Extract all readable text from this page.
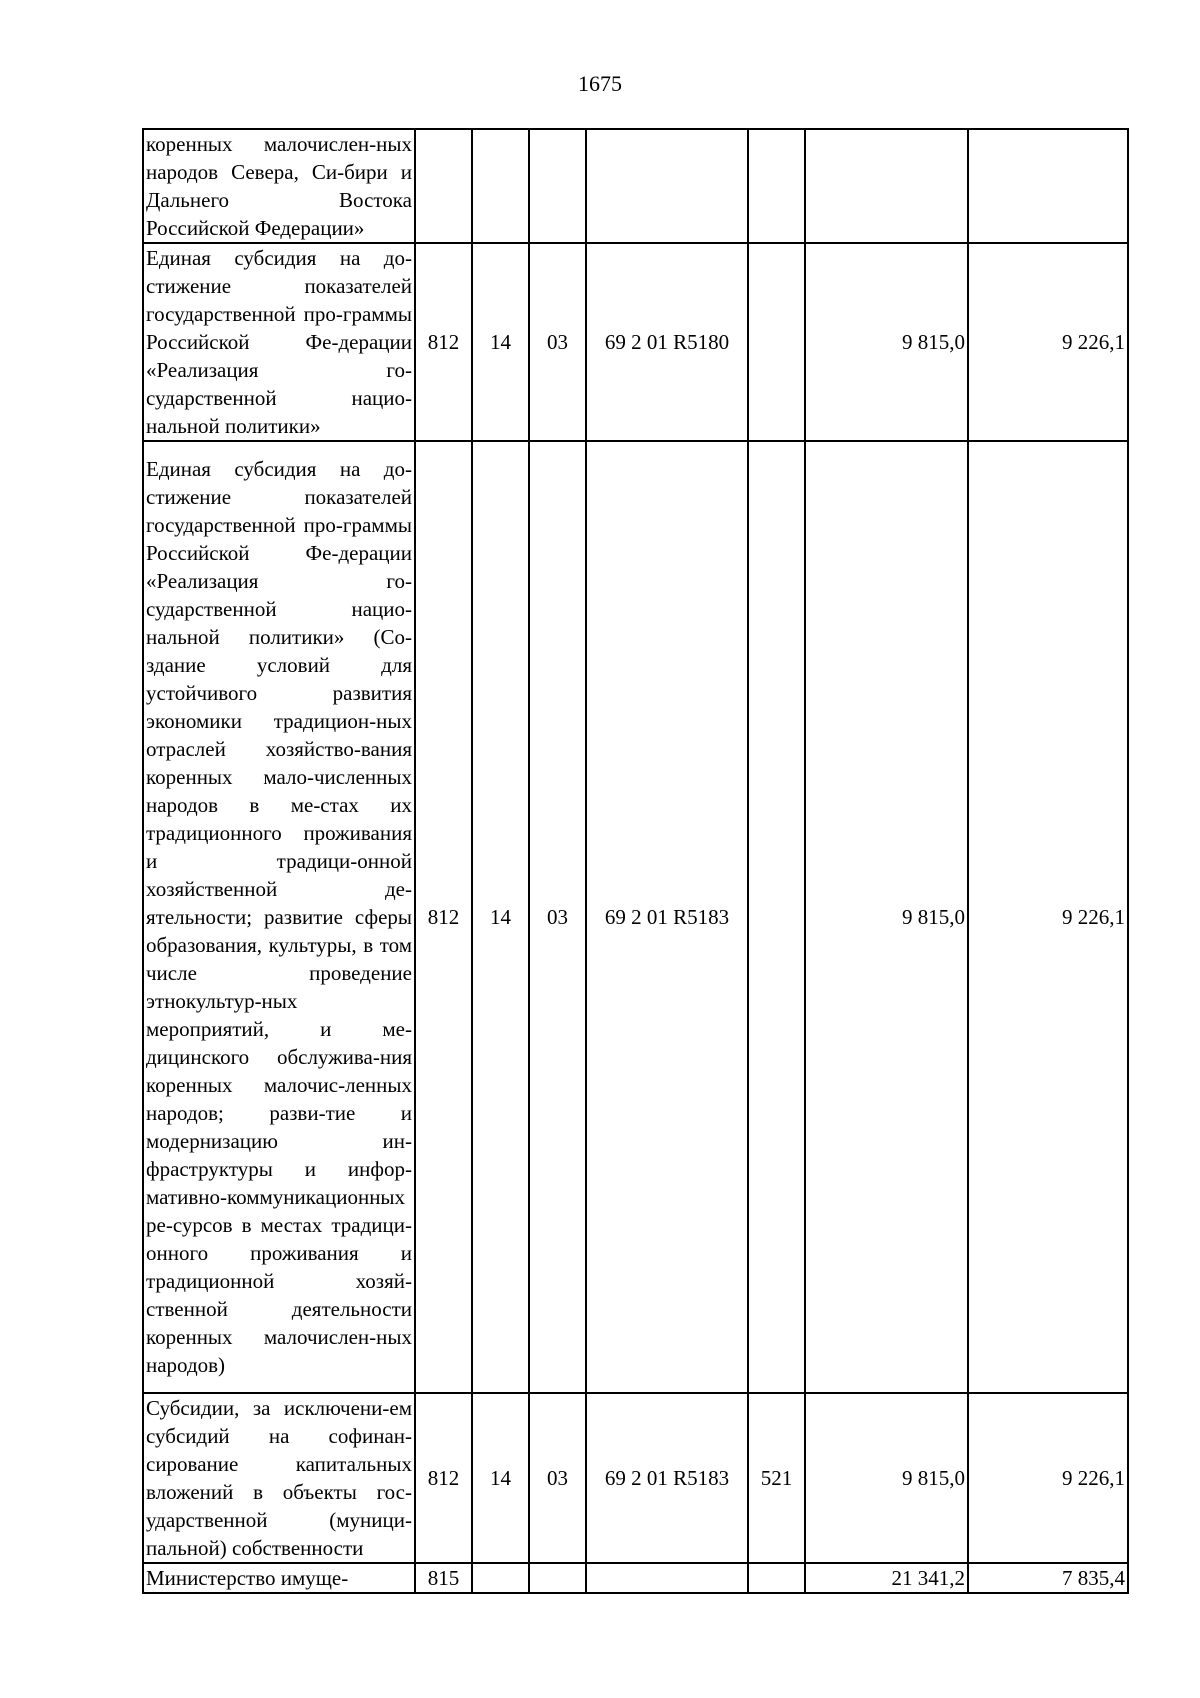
1675
коренных малочислен-ных народов Севера, Си-бири и Дальнего Востока Российской Федерации»							
Единая субсидия на до-стижение показателей государственной про-граммы Российской Фе-дерации «Реализация го-сударственной нацио-нальной политики»	812	14	03	69 2 01 R5180		9 815,0	9 226,1
Единая субсидия на до-стижение показателей государственной про-граммы Российской Фе-дерации «Реализация го-сударственной нацио-нальной политики» (Со-здание условий для устойчивого развития экономики традицион-ных отраслей хозяйство-вания коренных мало-численных народов в ме-стах их традиционного проживания и традици-онной хозяйственной де-ятельности; развитие сферы образования, культуры, в том числе проведение этнокультур-ных мероприятий, и ме-дицинского обслужива-ния коренных малочис-ленных народов; разви-тие и модернизацию ин-фраструктуры и инфор-мативно-коммуникационных ре-сурсов в местах традици-онного проживания и традиционной хозяй-ственной деятельности коренных малочислен-ных народов)	812	14	03	69 2 01 R5183		9 815,0	9 226,1
Субсидии, за исключени-ем субсидий на софинан-сирование капитальных вложений в объекты гос-ударственной (муници-пальной) собственности	812	14	03	69 2 01 R5183	521	9 815,0	9 226,1
Министерство имуще-	815					21 341,2	7 835,4
